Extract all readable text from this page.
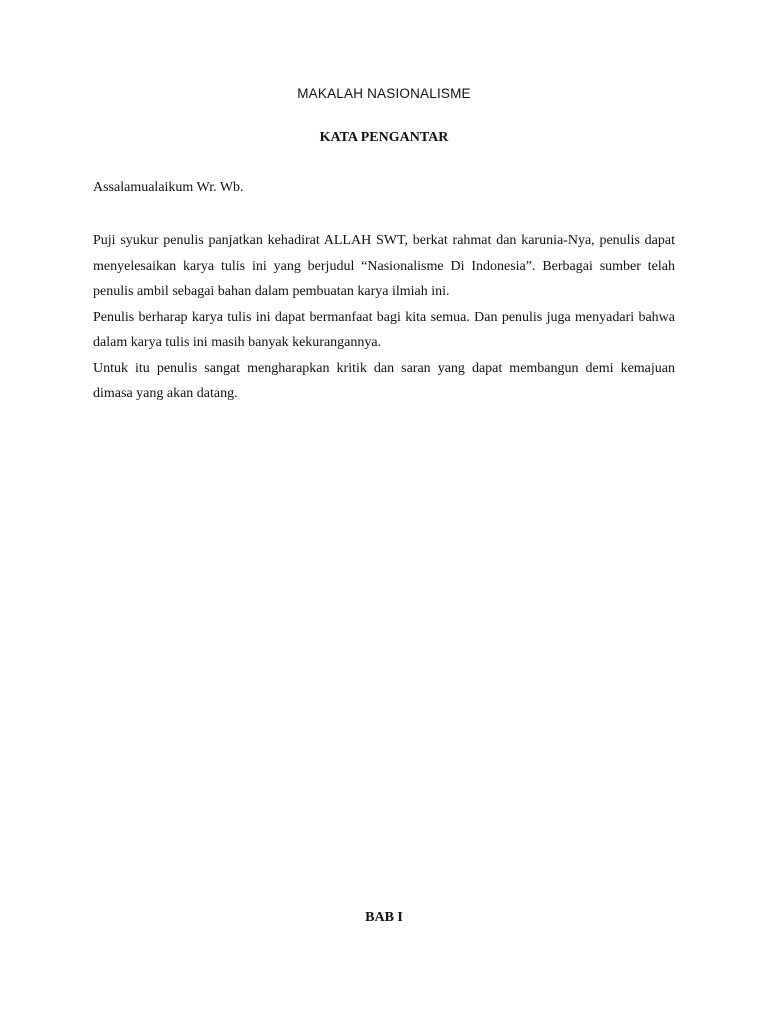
MAKALAH NASIONALISME
KATA PENGANTAR
Assalamualaikum Wr. Wb.

Puji syukur penulis panjatkan kehadirat ALLAH SWT, berkat rahmat dan karunia-Nya, penulis dapat menyelesaikan karya tulis ini yang berjudul “Nasionalisme Di Indonesia”. Berbagai sumber telah penulis ambil sebagai bahan dalam pembuatan karya ilmiah ini.

Penulis berharap karya tulis ini dapat bermanfaat bagi kita semua. Dan penulis juga menyadari bahwa dalam karya tulis ini masih banyak kekurangannya.

Untuk itu penulis sangat mengharapkan kritik dan saran yang dapat membangun demi kemajuan dimasa yang akan datang.

BAB I
